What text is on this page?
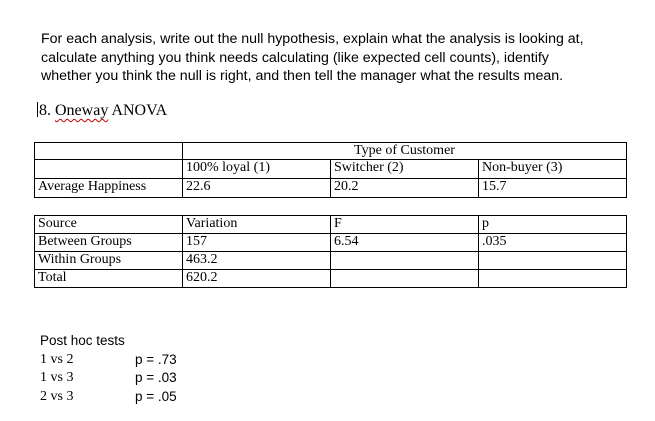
For each analysis, write out the null hypothesis, explain what the analysis is looking at,

calculate anything you think needs calculating (like expected cell counts), identify

whether you think the null is right, and then tell the manager what the results mean.

8. Oneway ANOVA
	Type of Customer		
	100% loyal (1)	Switcher (2)	Non-buyer (3)
Average Happiness	22.6	20.2	15.7
Source	Variation	F	p
Between Groups	157	6.54	.035
Within Groups	463.2		
Total	620.2		
Post hoc tests
1 vs 2	p = .73
1 vs 3	p = .03
2 vs 3	p = .05
